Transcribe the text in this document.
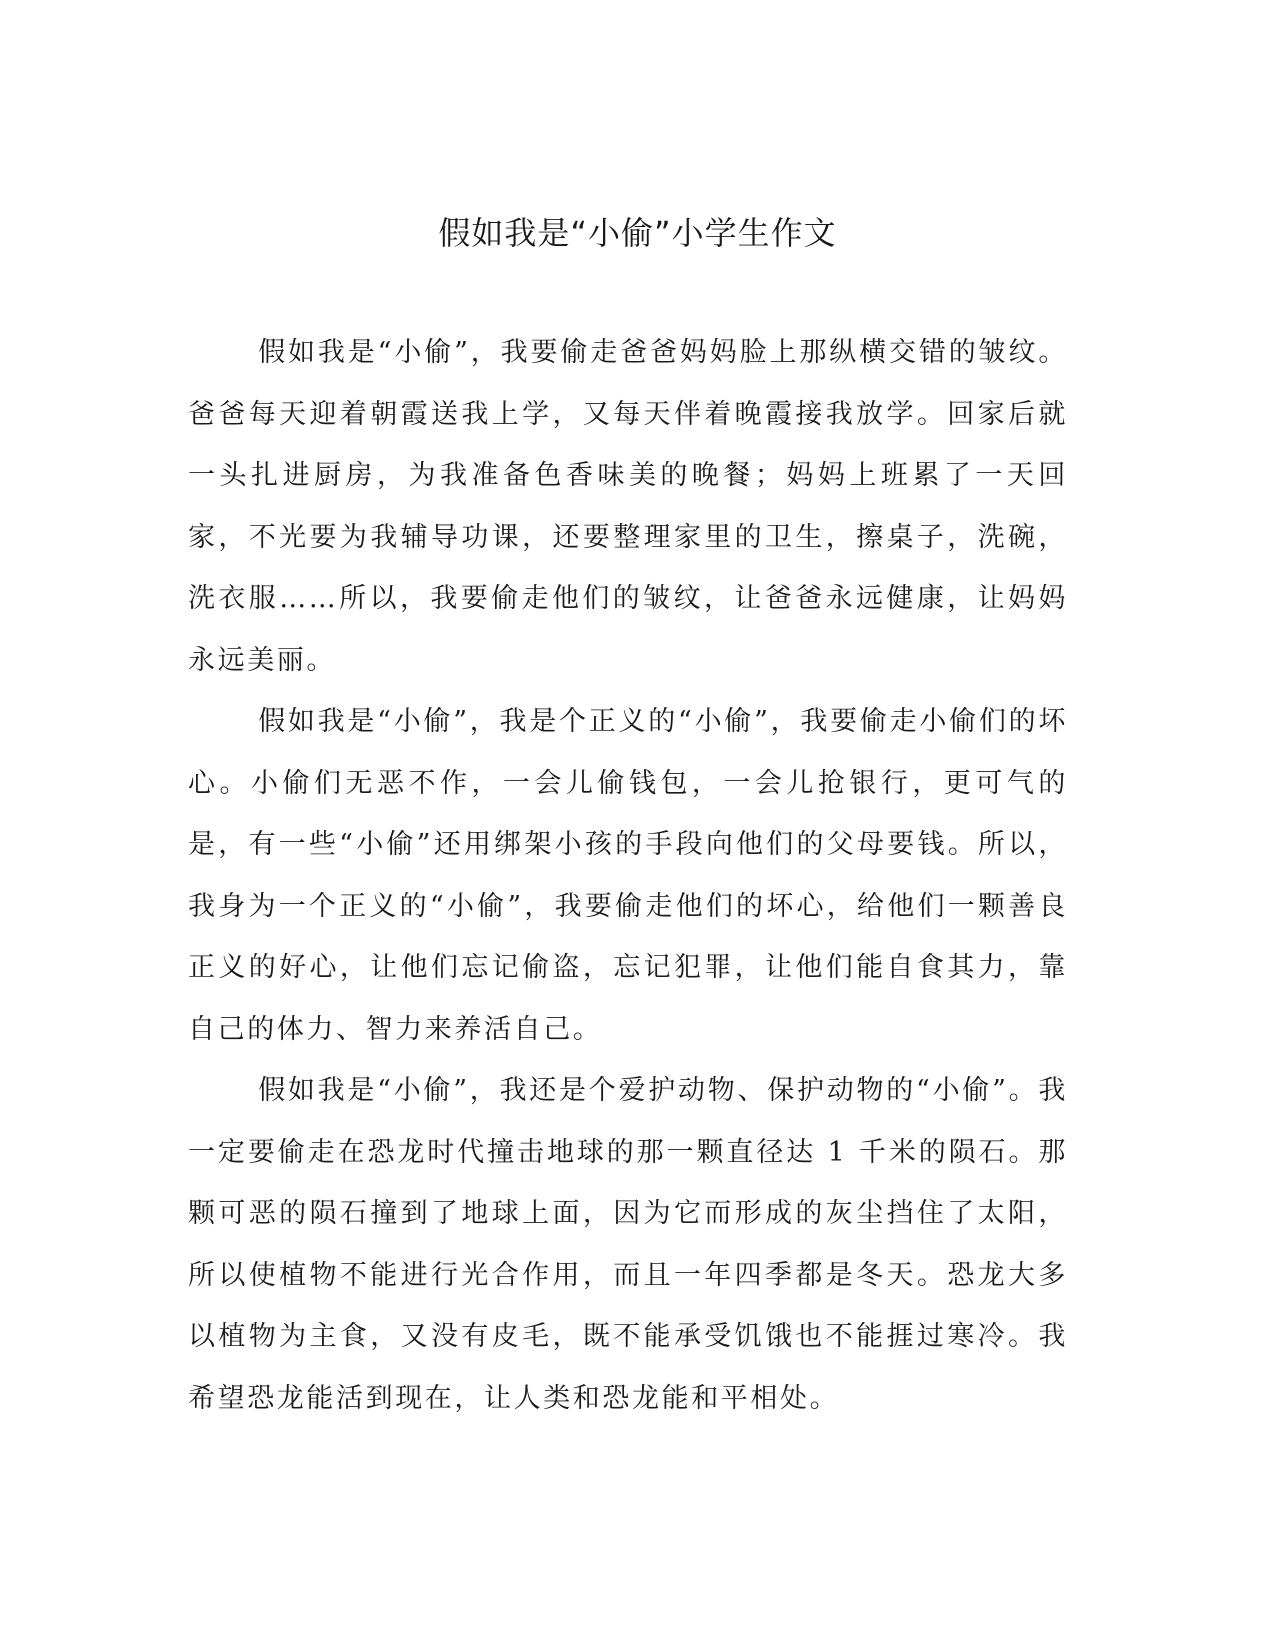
假如我是“小偷”小学生作文

假如我是“小偷”，我要偷走爸爸妈妈脸上那纵横交错的皱纹。爸爸每天迎着朝霞送我上学，又每天伴着晚霞接我放学。回家后就一头扎进厨房，为我准备色香味美的晚餐；妈妈上班累了一天回家，不光要为我辅导功课，还要整理家里的卫生，擦桌子，洗碗，洗衣服……所以，我要偷走他们的皱纹，让爸爸永远健康，让妈妈永远美丽。

假如我是“小偷”，我是个正义的“小偷”，我要偷走小偷们的坏心。小偷们无恶不作，一会儿偷钱包，一会儿抢银行，更可气的是，有一些“小偷”还用绑架小孩的手段向他们的父母要钱。所以，我身为一个正义的“小偷”，我要偷走他们的坏心，给他们一颗善良正义的好心，让他们忘记偷盗，忘记犯罪，让他们能自食其力，靠自己的体力、智力来养活自己。

假如我是“小偷”，我还是个爱护动物、保护动物的“小偷”。我一定要偷走在恐龙时代撞击地球的那一颗直径达 1 千米的陨石。那颗可恶的陨石撞到了地球上面，因为它而形成的灰尘挡住了太阳，所以使植物不能进行光合作用，而且一年四季都是冬天。恐龙大多以植物为主食，又没有皮毛，既不能承受饥饿也不能捱过寒冷。我希望恐龙能活到现在，让人类和恐龙能和平相处。
